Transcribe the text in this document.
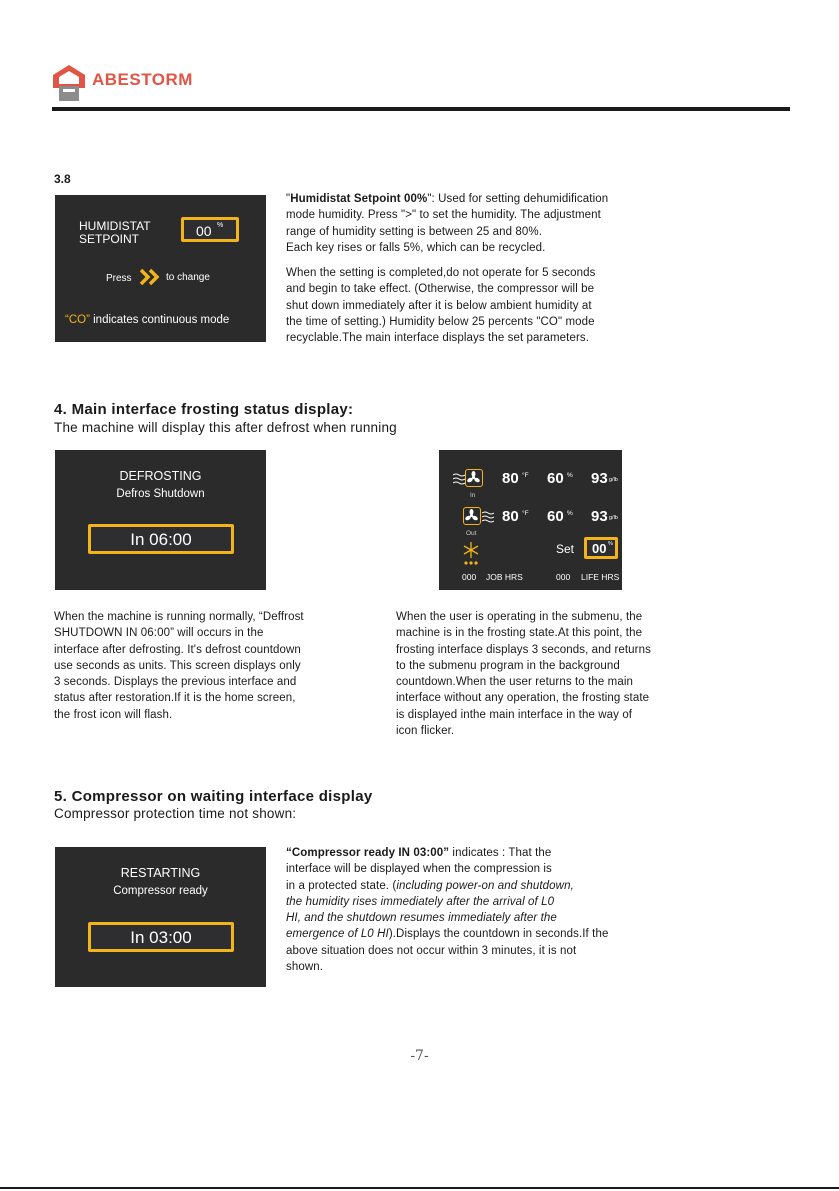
ABESTORM
3.8
HUMIDISTAT
SETPOINT	00 %
Press	to change
“CO” indicates continuous mode
"Humidistat Setpoint 00%": Used for setting dehumidification
mode humidity. Press ">" to set the humidity. The adjustment
range of humidity setting is between 25 and 80%.
Each key rises or falls 5%, which can be recycled.
When the setting is completed,do not operate for 5 seconds
and begin to take effect. (Otherwise, the compressor will be
shut down immediately after it is below ambient humidity at
the time of setting.) Humidity below 25 percents "CO" mode
recyclable.The main interface displays the set parameters.
4. Main interface frosting status display:
The machine will display this after defrost when running
DEFROSTING
Defros Shutdown
In 06:00
In
80 °F 60 % 93 g/lb
Out
80 °F 60 % 93 g/lb
Set 00 %
000 JOB HRS	000 LIFE HRS
When the machine is running normally, “Deffrost
SHUTDOWN IN 06:00” will occurs in the
interface after defrosting. It's defrost countdown
use seconds as units. This screen displays only
3 seconds. Displays the previous interface and
status after restoration.If it is the home screen,
the frost icon will flash.
When the user is operating in the submenu, the
machine is in the frosting state.At this point, the
frosting interface displays 3 seconds, and returns
to the submenu program in the background
countdown.When the user returns to the main
interface without any operation, the frosting state
is displayed inthe main interface in the way of
icon flicker.
5. Compressor on waiting interface display
Compressor protection time not shown:
RESTARTING
Compressor ready
In 03:00
“Compressor ready IN 03:00” indicates : That the
interface will be displayed when the compression is
in a protected state. (including power-on and shutdown,
the humidity rises immediately after the arrival of L0
HI, and the shutdown resumes immediately after the
emergence of L0 HI).Displays the countdown in seconds.If the
above situation does not occur within 3 minutes, it is not
shown.
-7-
